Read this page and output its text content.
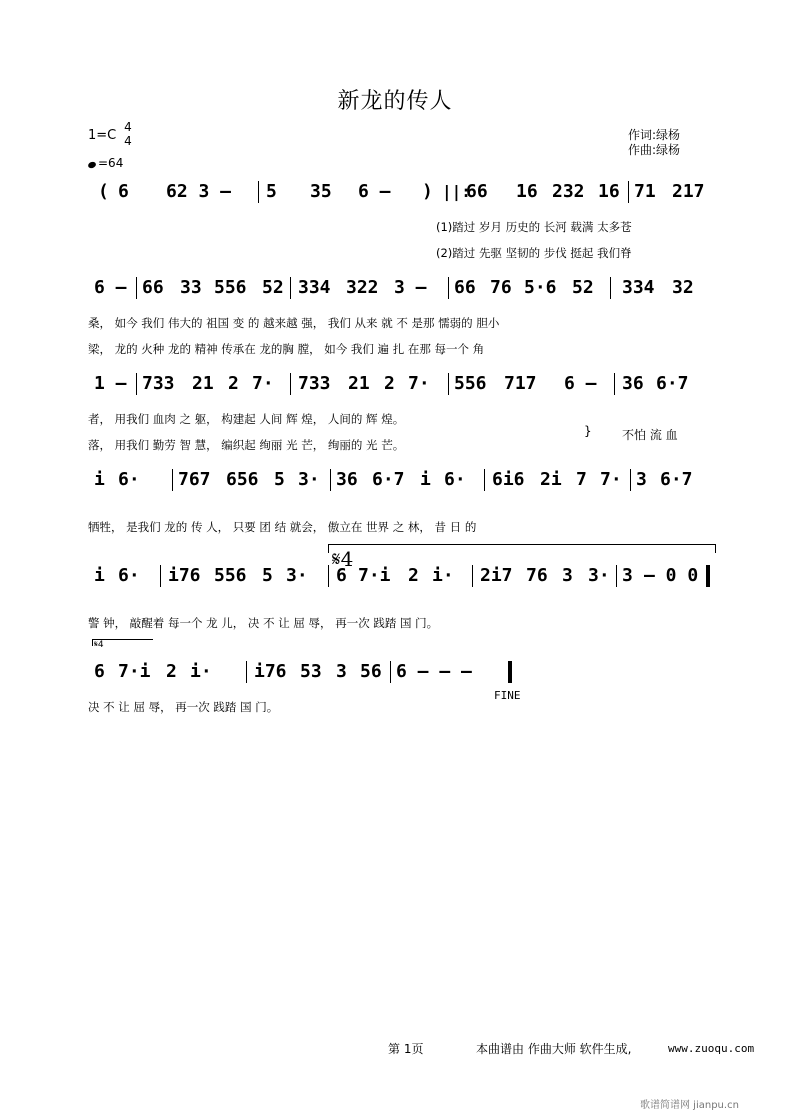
新龙的传人
1=C
4
4
=64
作词:绿杨
作曲:绿杨
( 6 62 3 – 5 35 6 – ) ||:
66 16 232 16 71 217
(1)踏过 岁月 历史的 长河 载满 太多苍
(2)踏过 先驱 坚韧的 步伐 挺起 我们脊
6 – 66 33 556 52 334 322 3 – 66 76 5·6 52 334 32
桑， 如今 我们 伟大的 祖国 变 的 越来越 强， 我们 从来 就 不 是那 懦弱的 胆小
梁， 龙的 火种 龙的 精神 传承在 龙的胸 膛， 如今 我们 遍 扎 在那 每一个 角
1 – 733 21 2 7· 733 21 2 7· 556 717 6 – 36 6·7
者， 用我们 血肉 之 躯， 构建起 人间 辉 煌， 人间的 辉 煌。
落， 用我们 勤劳 智 慧， 编织起 绚丽 光 芒， 绚丽的 光 芒。
}	不怕 流 血
i 6· 767 656 5 3· 36 6·7 i 6· 6i6 2i 7 7· 3 6·7
牺牲， 是我们 龙的 传 人， 只要 团 结 就会， 傲立在 世界 之 林， 昔 日 的
𝄋4
i 6· i76 556 5 3· 6 7·i 2 i· 2i7 76 3 3· 3 – 0 0
警 钟， 敲醒着 每一个 龙 儿， 决 不 让 屈 辱， 再一次 践踏 国 门。
𝄋4
6 7·i 2 i· i76 53 3 56 6 – – –
FINE
决 不 让 屈 辱， 再一次 践踏 国 门。
第 1页	本曲谱由 作曲大师 软件生成,	www.zuoqu.com
歌谱简谱网 jianpu.cn
